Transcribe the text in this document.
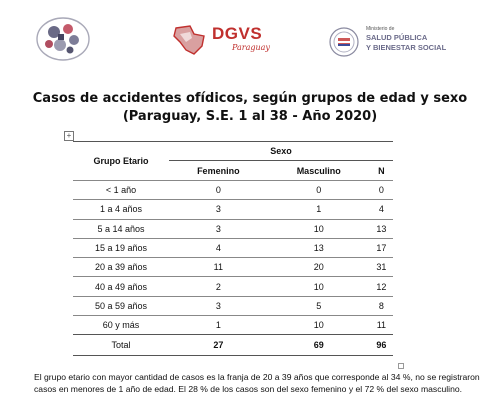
DGVS
Paraguay
Ministerio de
SALUD PÚBLICA
Y BIENESTAR SOCIAL
Casos de accidentes ofídicos, según grupos de edad y sexo
(Paraguay, S.E. 1 al 38 - Año 2020)
+
Grupo Etario	Sexo		
	Femenino	Masculino	N
< 1 año	0	0	0
1 a 4 años	3	1	4
5 a 14 años	3	10	13
15 a 19 años	4	13	17
20 a 39 años	11	20	31
40 a 49 años	2	10	12
50 a 59 años	3	5	8
60 y más	1	10	11
Total	27	69	96
El grupo etario con mayor cantidad de casos es la franja de 20 a 39 años que corresponde al 34 %, no se registraron casos en menores de 1 año de edad. El 28 % de los casos son del sexo femenino y el 72 % del sexo masculino.
